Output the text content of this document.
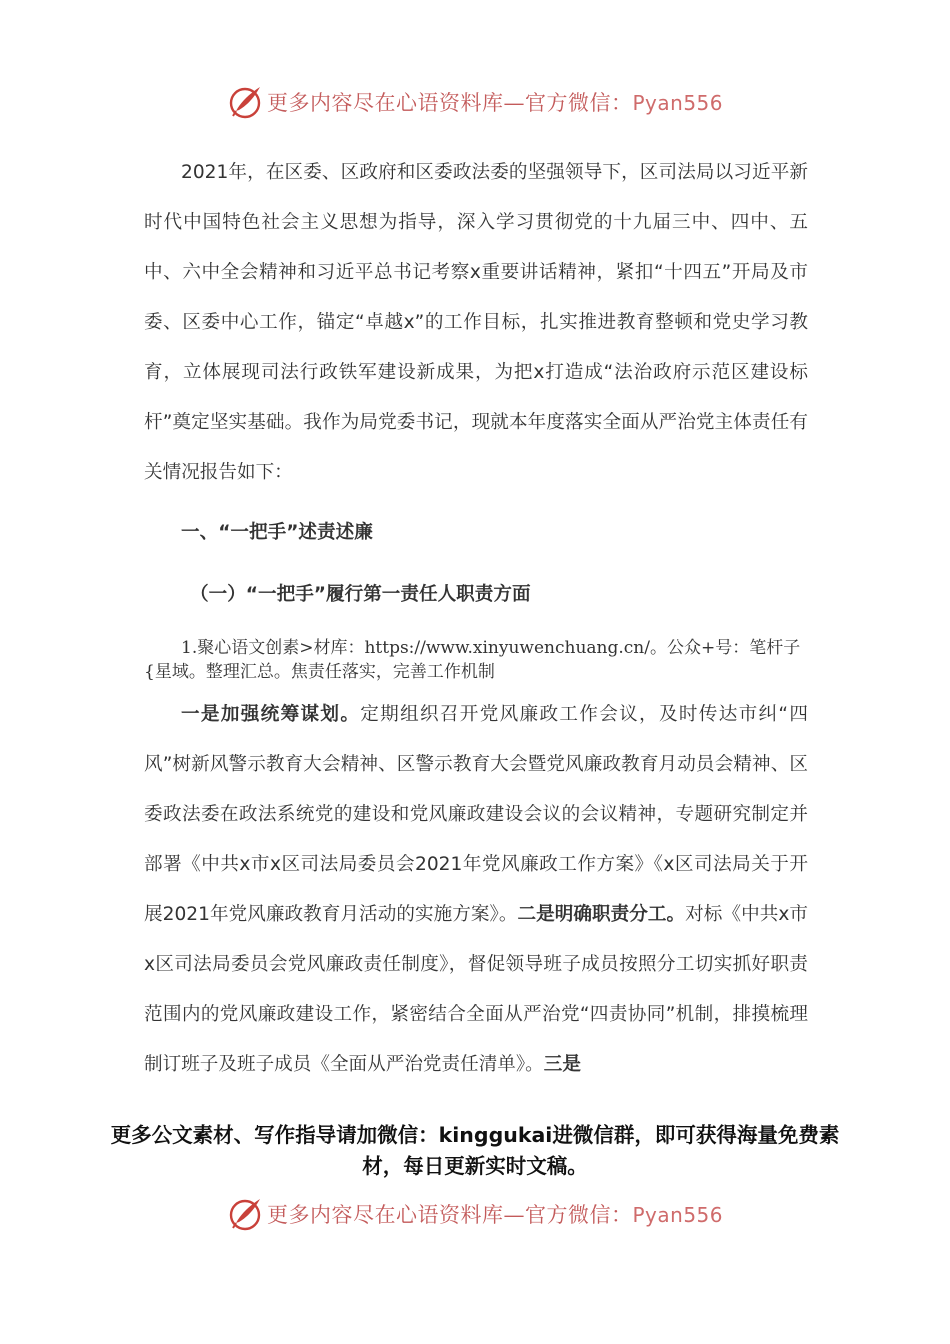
更多内容尽在心语资料库—官方微信：Pyan556

2021年，在区委、区政府和区委政法委的坚强领导下，区司法局以习近平新时代中国特色社会主义思想为指导，深入学习贯彻党的十九届三中、四中、五中、六中全会精神和习近平总书记考察x重要讲话精神，紧扣“十四五”开局及市委、区委中心工作，锚定“卓越x”的工作目标，扎实推进教育整顿和党史学习教育，立体展现司法行政铁军建设新成果，为把x打造成“法治政府示范区建设标杆”奠定坚实基础。我作为局党委书记，现就本年度落实全面从严治党主体责任有关情况报告如下：

一、“一把手”述责述廉

（一）“一把手”履行第一责任人职责方面

1.聚心语文创素>材库：https://www.xinyuwenchuang.cn/。公众+号：笔杆子{星域。整理汇总。焦责任落实，完善工作机制

一是加强统筹谋划。定期组织召开党风廉政工作会议，及时传达市纠“四风”树新风警示教育大会精神、区警示教育大会暨党风廉政教育月动员会精神、区委政法委在政法系统党的建设和党风廉政建设会议的会议精神，专题研究制定并部署《中共x市x区司法局委员会2021年党风廉政工作方案》《x区司法局关于开展2021年党风廉政教育月活动的实施方案》。二是明确职责分工。对标《中共x市x区司法局委员会党风廉政责任制度》，督促领导班子成员按照分工切实抓好职责范围内的党风廉政建设工作，紧密结合全面从严治党“四责协同”机制，排摸梳理制订班子及班子成员《全面从严治党责任清单》。三是

更多公文素材、写作指导请加微信：kinggukai进微信群，即可获得海量免费素材，每日更新实时文稿。
更多内容尽在心语资料库—官方微信：Pyan556
